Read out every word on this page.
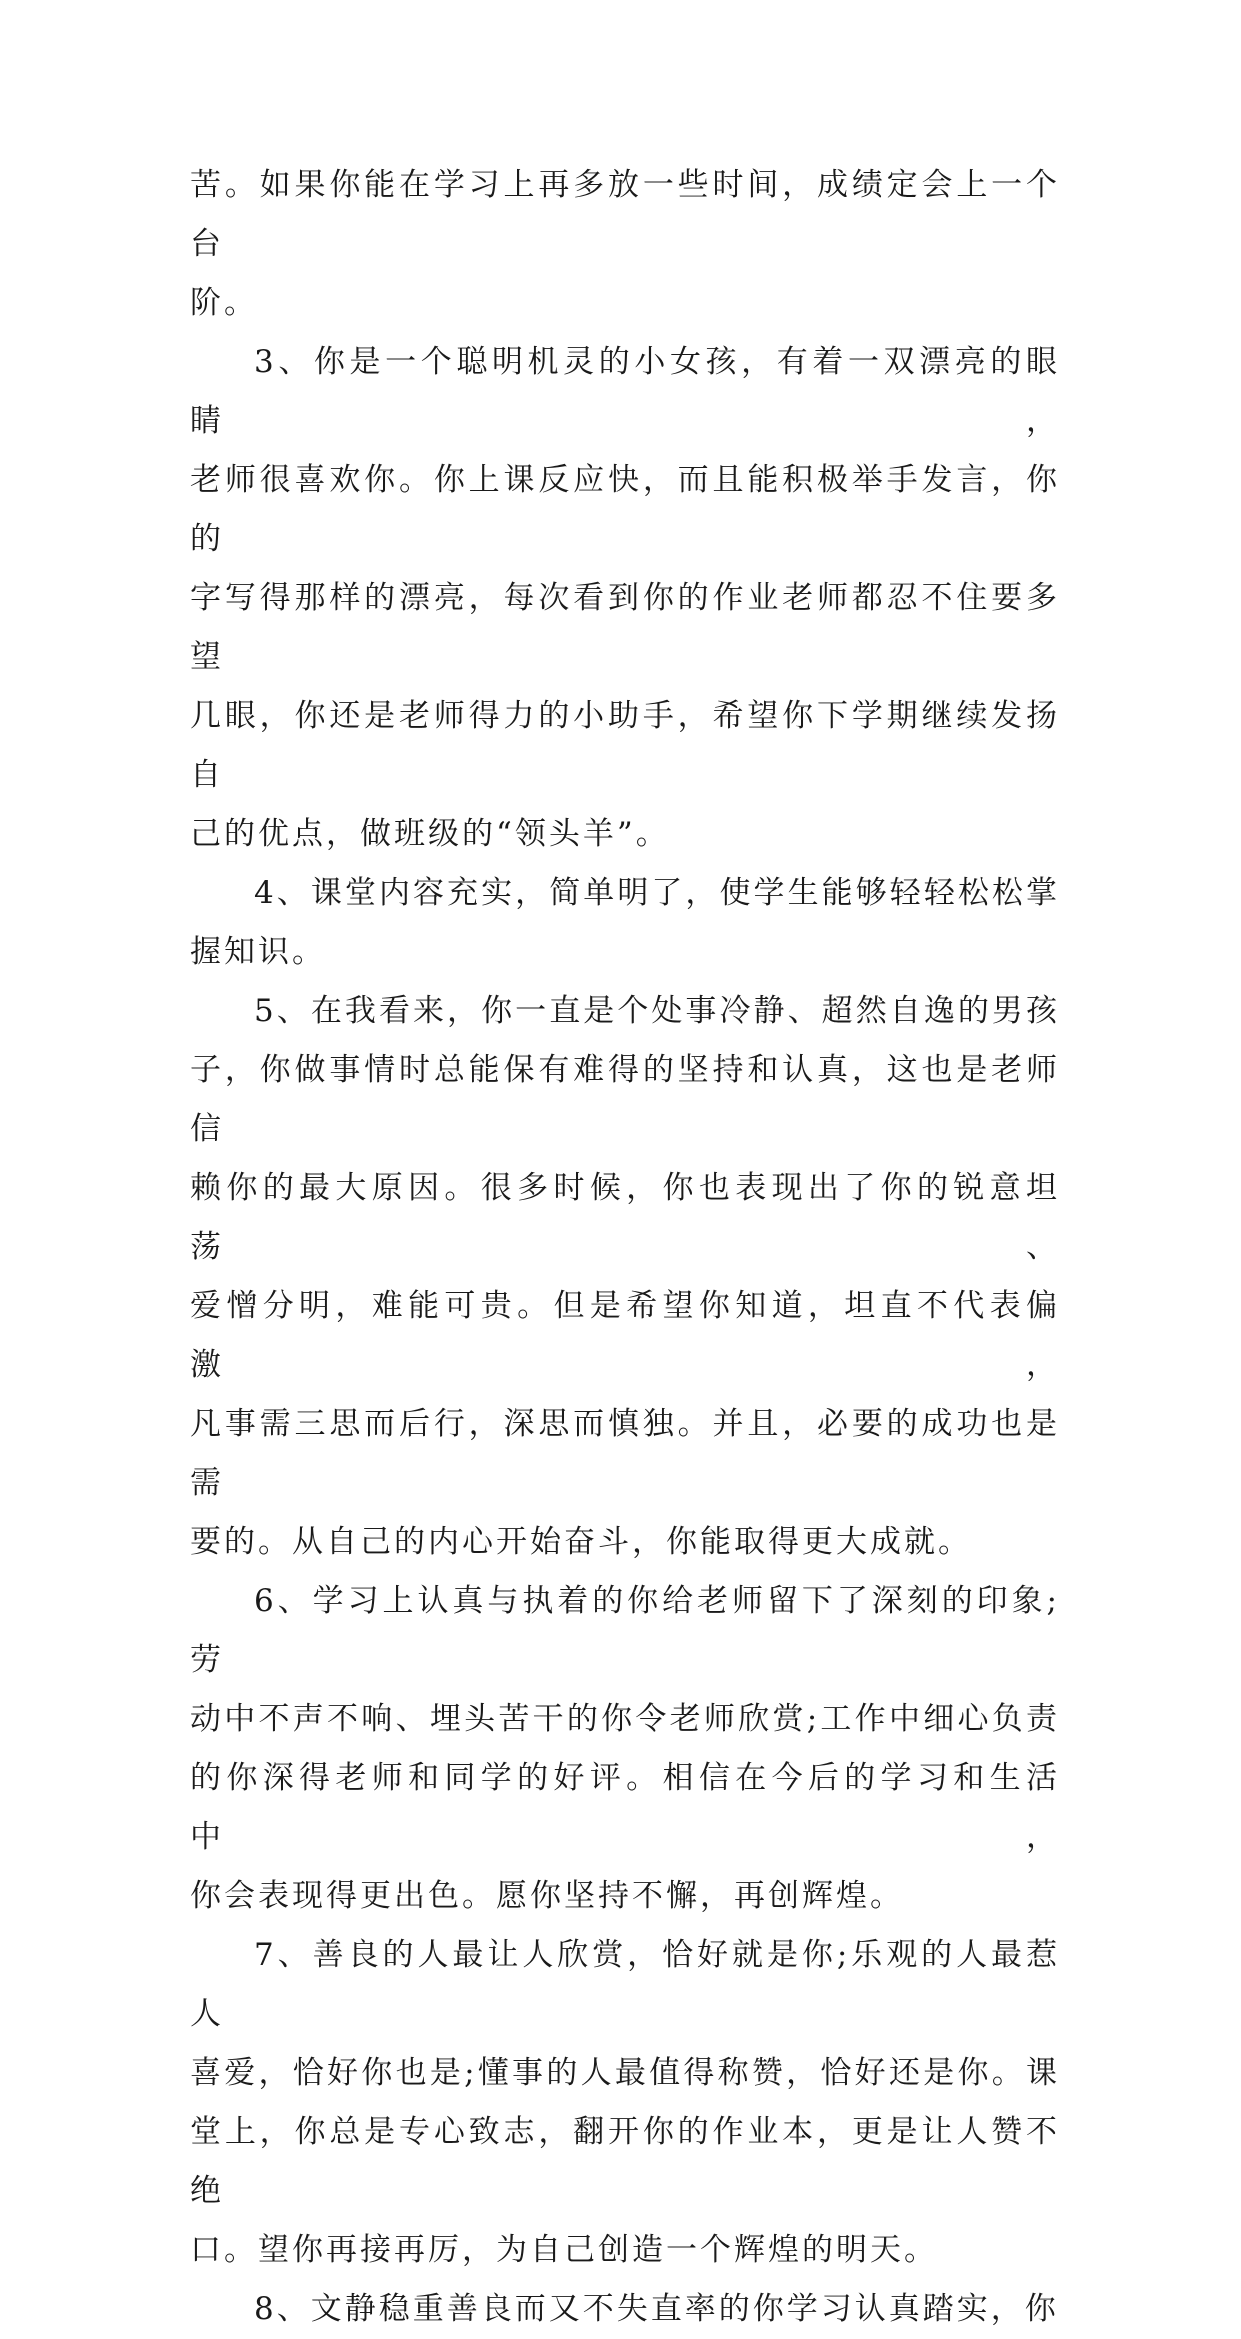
苦。如果你能在学习上再多放一些时间，成绩定会上一个台
阶。
3、你是一个聪明机灵的小女孩，有着一双漂亮的眼睛，
老师很喜欢你。你上课反应快，而且能积极举手发言，你的
字写得那样的漂亮，每次看到你的作业老师都忍不住要多望
几眼，你还是老师得力的小助手，希望你下学期继续发扬自
己的优点，做班级的“领头羊”。
4、课堂内容充实，简单明了，使学生能够轻轻松松掌
握知识。
5、在我看来，你一直是个处事冷静、超然自逸的男孩
子，你做事情时总能保有难得的坚持和认真，这也是老师信
赖你的最大原因。很多时候，你也表现出了你的锐意坦荡、
爱憎分明，难能可贵。但是希望你知道，坦直不代表偏激，
凡事需三思而后行，深思而慎独。并且，必要的成功也是需
要的。从自己的内心开始奋斗，你能取得更大成就。
6、学习上认真与执着的你给老师留下了深刻的印象;劳
动中不声不响、埋头苦干的你令老师欣赏;工作中细心负责
的你深得老师和同学的好评。相信在今后的学习和生活中，
你会表现得更出色。愿你坚持不懈，再创辉煌。
7、善良的人最让人欣赏，恰好就是你;乐观的人最惹人
喜爱，恰好你也是;懂事的人最值得称赞，恰好还是你。课
堂上，你总是专心致志，翻开你的作业本，更是让人赞不绝
口。望你再接再厉，为自己创造一个辉煌的明天。
8、文静稳重善良而又不失直率的你学习认真踏实，你
